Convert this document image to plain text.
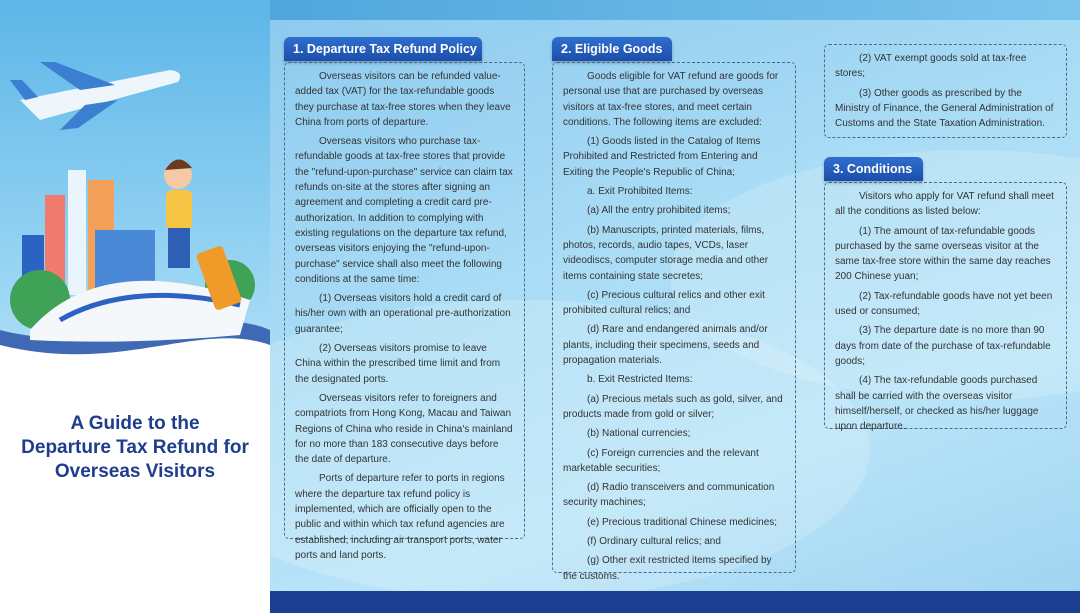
A Guide to the
Departure Tax Refund for
Overseas Visitors
1. Departure Tax Refund Policy

Overseas visitors can be refunded value-added tax (VAT) for the tax-refundable goods they purchase at tax-free stores when they leave China from ports of departure.

Overseas visitors who purchase tax-refundable goods at tax-free stores that provide the "refund-upon-purchase" service can claim tax refunds on-site at the stores after signing an agreement and completing a credit card pre-authorization. In addition to complying with existing regulations on the departure tax refund, overseas visitors enjoying the "refund-upon-purchase" service shall also meet the following conditions at the same time:

(1) Overseas visitors hold a credit card of his/her own with an operational pre-authorization guarantee;

(2) Overseas visitors promise to leave China within the prescribed time limit and from the designated ports.

Overseas visitors refer to foreigners and compatriots from Hong Kong, Macau and Taiwan Regions of China who reside in China's mainland for no more than 183 consecutive days before the date of departure.

Ports of departure refer to ports in regions where the departure tax refund policy is implemented, which are officially open to the public and within which tax refund agencies are established, including air transport ports, water ports and land ports.

2. Eligible Goods

Goods eligible for VAT refund are goods for personal use that are purchased by overseas visitors at tax-free stores, and meet certain conditions. The following items are excluded:

(1) Goods listed in the Catalog of Items Prohibited and Restricted from Entering and Exiting the People's Republic of China;

a. Exit Prohibited Items:

(a) All the entry prohibited items;

(b) Manuscripts, printed materials, films, photos, records, audio tapes, VCDs, laser videodiscs, computer storage media and other items containing state secretes;

(c) Precious cultural relics and other exit prohibited cultural relics; and

(d) Rare and endangered animals and/or plants, including their specimens, seeds and propagation materials.

b. Exit Restricted Items:

(a) Precious metals such as gold, silver, and products made from gold or silver;

(b) National currencies;

(c) Foreign currencies and the relevant marketable securities;

(d) Radio transceivers and communication security machines;

(e) Precious traditional Chinese medicines;

(f) Ordinary cultural relics; and

(g) Other exit restricted items specified by the customs.

(2) VAT exempt goods sold at tax-free stores;

(3) Other goods as prescribed by the Ministry of Finance, the General Administration of Customs and the State Taxation Administration.

3. Conditions

Visitors who apply for VAT refund shall meet all the conditions as listed below:

(1) The amount of tax-refundable goods purchased by the same overseas visitor at the same tax-free store within the same day reaches 200 Chinese yuan;

(2) Tax-refundable goods have not yet been used or consumed;

(3) The departure date is no more than 90 days from date of the purchase of tax-refundable goods;

(4) The tax-refundable goods purchased shall be carried with the overseas visitor himself/herself, or checked as his/her luggage upon departure.
